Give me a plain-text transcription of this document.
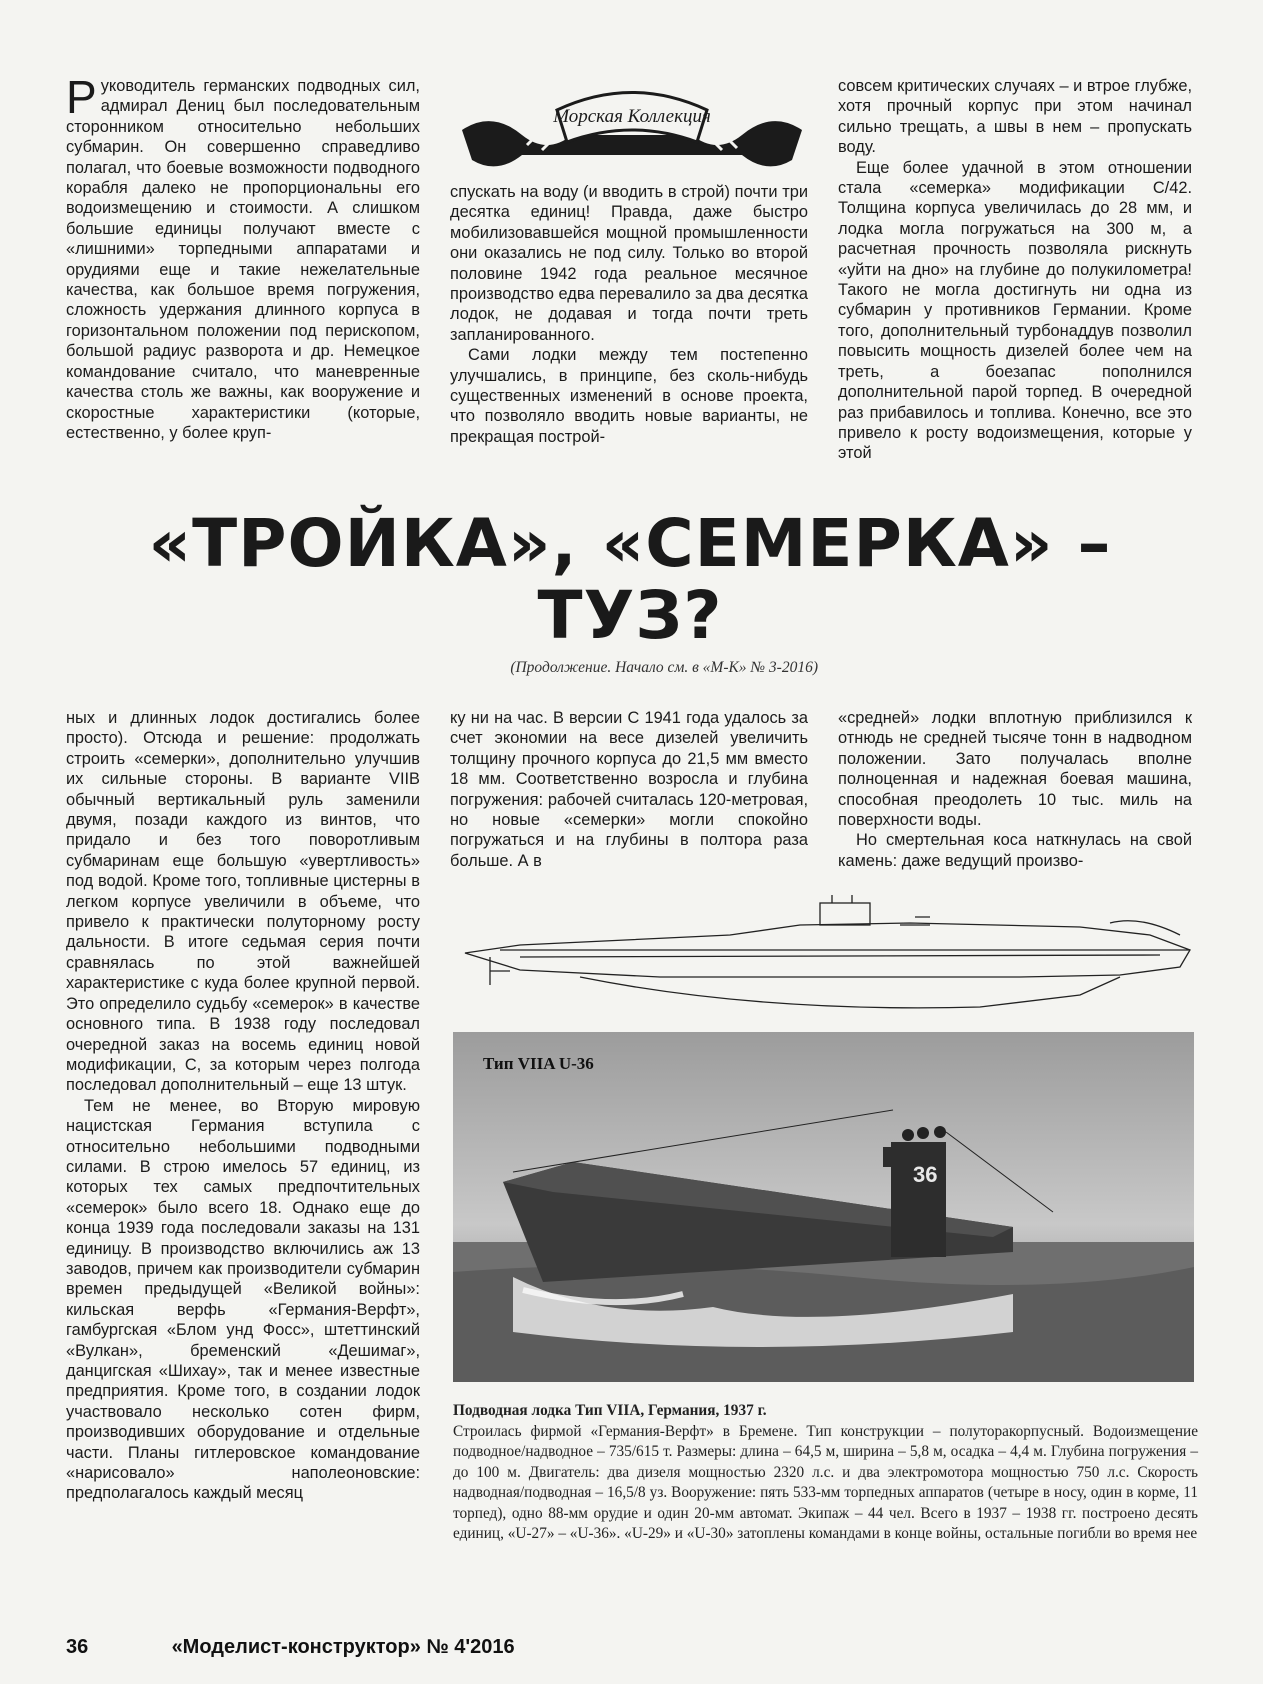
Руководитель германских подводных сил, адмирал Дениц был последовательным сторонником относительно небольших субмарин. Он совершенно справедливо полагал, что боевые возможности подводного корабля далеко не пропорциональны его водоизмещению и стоимости. А слишком большие единицы получают вместе с «лишними» торпедными аппаратами и орудиями еще и такие нежелательные качества, как большое время погружения, сложность удержания длинного корпуса в горизонтальном положении под перископом, большой радиус разворота и др. Немецкое командование считало, что маневренные качества столь же важны, как вооружение и скоростные характеристики (которые, естественно, у более круп-

Морская Коллекция

спускать на воду (и вводить в строй) почти три десятка единиц! Правда, даже быстро мобилизовавшейся мощной промышленности они оказались не под силу. Только во второй половине 1942 года реальное месячное производство едва перевалило за два десятка лодок, не додавая и тогда почти треть запланированного.

Сами лодки между тем постепенно улучшались, в принципе, без сколь-нибудь существенных изменений в основе проекта, что позволяло вводить новые варианты, не прекращая построй-

совсем критических случаях – и втрое глубже, хотя прочный корпус при этом начинал сильно трещать, а швы в нем – пропускать воду.

Еще более удачной в этом отношении стала «семерка» модификации C/42. Толщина корпуса увеличилась до 28 мм, и лодка могла погружаться на 300 м, а расчетная прочность позволяла рискнуть «уйти на дно» на глубине до полукилометра! Такого не могла достигнуть ни одна из субмарин у противников Германии. Кроме того, дополнительный турбонаддув позволил повысить мощность дизелей более чем на треть, а боезапас пополнился дополнительной парой торпед. В очередной раз прибавилось и топлива. Конечно, все это привело к росту водоизмещения, которые у этой

«ТРОЙКА», «СЕМЕРКА» –
ТУЗ?
(Продолжение. Начало см. в «М-К» № 3-2016)

ных и длинных лодок достигались более просто). Отсюда и решение: продолжать строить «семерки», дополнительно улучшив их сильные стороны. В варианте VIIB обычный вертикальный руль заменили двумя, позади каждого из винтов, что придало и без того поворотливым субмаринам еще большую «увертливость» под водой. Кроме того, топливные цистерны в легком корпусе увеличили в объеме, что привело к практически полуторному росту дальности. В итоге седьмая серия почти сравнялась по этой важнейшей характеристике с куда более крупной первой. Это определило судьбу «семерок» в качестве основного типа. В 1938 году последовал очередной заказ на восемь единиц новой модификации, С, за которым через полгода последовал дополнительный – еще 13 штук.

Тем не менее, во Вторую мировую нацистская Германия вступила с относительно небольшими подводными силами. В строю имелось 57 единиц, из которых тех самых предпочтительных «семерок» было всего 18. Однако еще до конца 1939 года последовали заказы на 131 единицу. В производство включились аж 13 заводов, причем как производители субмарин времен предыдущей «Великой войны»: кильская верфь «Германия-Верфт», гамбургская «Блом унд Фосс», штеттинский «Вулкан», бременский «Дешимаг», данцигская «Шихау», так и менее известные предприятия. Кроме того, в создании лодок участвовало несколько сотен фирм, производивших оборудование и отдельные части. Планы гитлеровское командование «нарисовало» наполеоновские: предполагалось каждый месяц

ку ни на час. В версии C 1941 года удалось за счет экономии на весе дизелей увеличить толщину прочного корпуса до 21,5 мм вместо 18 мм. Соответственно возросла и глубина погружения: рабочей считалась 120-метровая, но новые «семерки» могли спокойно погружаться и на глубины в полтора раза больше. А в

«средней» лодки вплотную приблизился к отнюдь не средней тысяче тонн в надводном положении. Зато получалась вполне полноценная и надежная боевая машина, способная преодолеть 10 тыс. миль на поверхности воды.

Но смертельная коса наткнулась на свой камень: даже ведущий произво-

36
Тип VIIA U-36
Подводная лодка Тип VIIA, Германия, 1937 г.
Строилась фирмой «Германия-Верфт» в Бремене. Тип конструкции – полуторакорпусный. Водоизмещение подводное/надводное – 735/615 т. Размеры: длина – 64,5 м, ширина – 5,8 м, осадка – 4,4 м. Глубина погружения – до 100 м. Двигатель: два дизеля мощностью 2320 л.с. и два электромотора мощностью 750 л.с. Скорость надводная/подводная – 16,5/8 уз. Вооружение: пять 533-мм торпедных аппаратов (четыре в носу, один в корме, 11 торпед), одно 88-мм орудие и один 20-мм автомат. Экипаж – 44 чел. Всего в 1937 – 1938 гг. построено десять единиц, «U-27» – «U-36». «U-29» и «U-30» затоплены командами в конце войны, остальные погибли во время нее
36	«Моделист-конструктор» № 4'2016
